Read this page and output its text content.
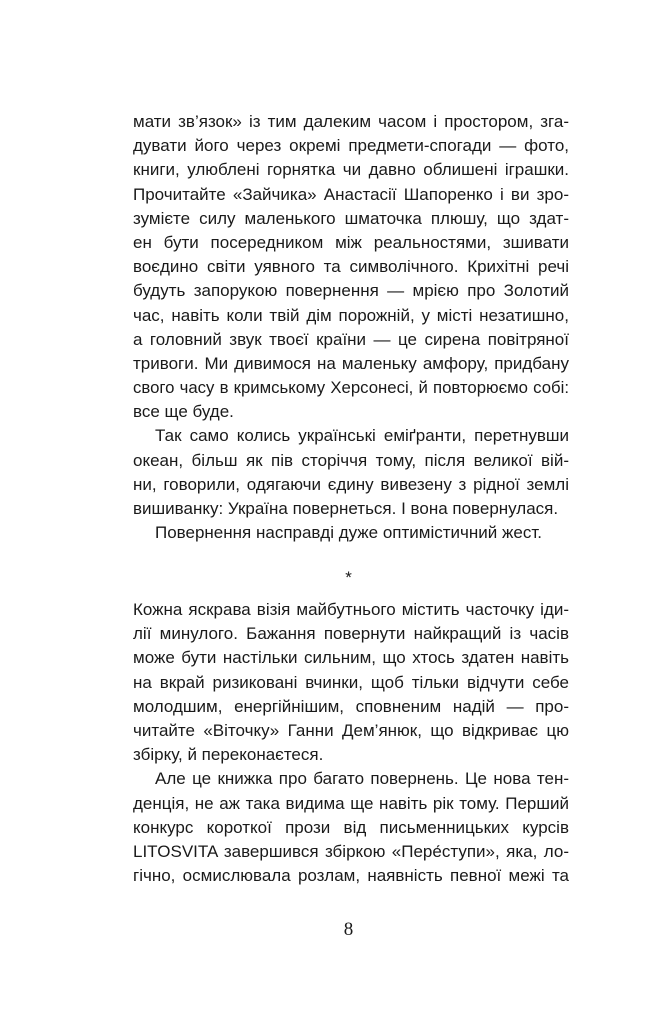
мати зв’язок» із тим далеким часом і простором, зга-
дувати його через окремі предмети-спогади — фото,
книги, улюблені горнятка чи давно облишені іграшки.
Прочитайте «Зайчика» Анастасії Шапоренко і ви зро-
зумієте силу маленького шматочка плюшу, що здат-
ен бути посередником між реальностями, зшивати
воєдино світи уявного та символічного. Крихітні речі
будуть запорукою повернення — мрією про Золотий
час, навіть коли твій дім порожній, у місті незатишно,
а головний звук твоєї країни — це сирена повітряної
тривоги. Ми дивимося на маленьку амфору, придбану
свого часу в кримському Херсонесі, й повторюємо собі:
все ще буде.
Так само колись українські еміґранти, перетнувши
океан, більш як пів сторіччя тому, після великої вій-
ни, говорили, одягаючи єдину вивезену з рідної землі
вишиванку: Україна повернеться. І вона повернулася.
Повернення насправді дуже оптимістичний жест.
*
Кожна яскрава візія майбутнього містить часточку іди-
лії минулого. Бажання повернути найкращий із часів
може бути настільки сильним, що хтось здатен навіть
на вкрай ризиковані вчинки, щоб тільки відчути себе
молодшим, енергійнішим, сповненим надій — про-
читайте «Віточку» Ганни Дем’янюк, що відкриває цю
збірку, й переконаєтеся.
Але це книжка про багато повернень. Це нова тен-
денція, не аж така видима ще навіть рік тому. Перший
конкурс короткої прози від письменницьких курсів
LITOSVITA завершився збіркою «Пере́ступи», яка, ло-
гічно, осмислювала розлам, наявність певної межі та
8
